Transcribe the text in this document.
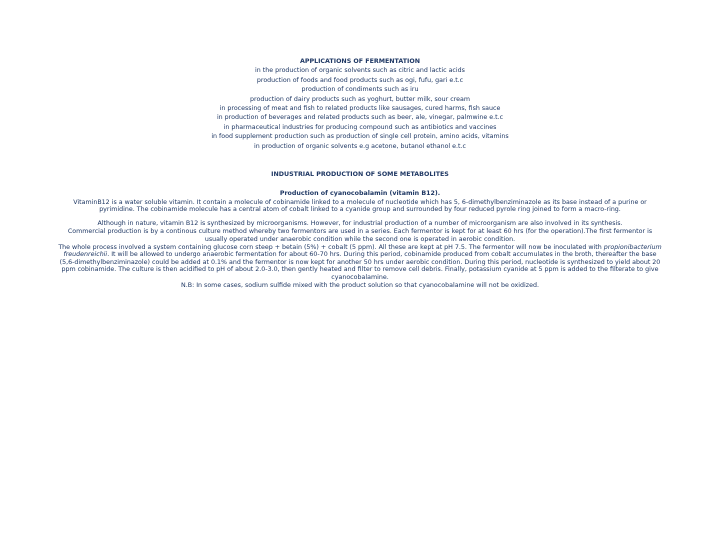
APPLICATIONS OF FERMENTATION
in the production of organic solvents such as citric and lactic acids
production of foods and food products such as ogi, fufu, gari e.t.c
production of condiments such as iru
production of dairy products such as yoghurt, butter milk, sour cream
in processing of meat and fish to related products like sausages, cured harms, fish sauce
in production of beverages and related products such as beer, ale, vinegar, palmwine e.t.c
in pharmaceutical industries for producing compound such as antibiotics and vaccines
in food supplement production such as production of single cell protein, amino acids, vitamins
in production of organic solvents e.g acetone, butanol ethanol e.t.c
INDUSTRIAL PRODUCTION OF SOME METABOLITES
Production of cyanocobalamin (vitamin B12).
VitaminB12 is a water soluble vitamin. It contain a molecule of cobinamide linked to a molecule of nucleotide which has 5, 6-dimethylbenziminazole as its base instead of a purine or pyrimidine. The cobinamide molecule has a central atom of cobalt linked to a cyanide group and surrounded by four reduced pyrole ring joined to form a macro-ring.
Although in nature, vitamin B12 is synthesized by microorganisms. However, for industrial production of a number of microorganism are also involved in its synthesis.
Commercial production is by a continous culture method whereby two fermentors are used in a series. Each fermentor is kept for at least 60 hrs (for the operation).The first fermentor is usually operated under anaerobic condition while the second one is operated in aerobic condition.
The whole process involved a system containing glucose corn steep + betain (5%) + cobalt (5 ppm). All these are kept at pH 7.5. The fermentor will now be inoculated with propionibacterium freudenreichii. It will be allowed to undergo anaerobic fermentation for about 60-70 hrs. During this period, cobinamide produced from cobalt accumulates in the broth, thereafter the base (5,6-dimethylbenziminazole) could be added at 0.1% and the fermentor is now kept for another 50 hrs under aerobic condition. During this period, nucleotide is synthesized to yield about 20 ppm cobinamide. The culture is then acidified to pH of about 2.0-3.0, then gently heated and filter to remove cell debris. Finally, potassium cyanide at 5 ppm is added to the filterate to give cyanocobalamine.
N.B: In some cases, sodium sulfide mixed with the product solution so that cyanocobalamine will not be oxidized.
